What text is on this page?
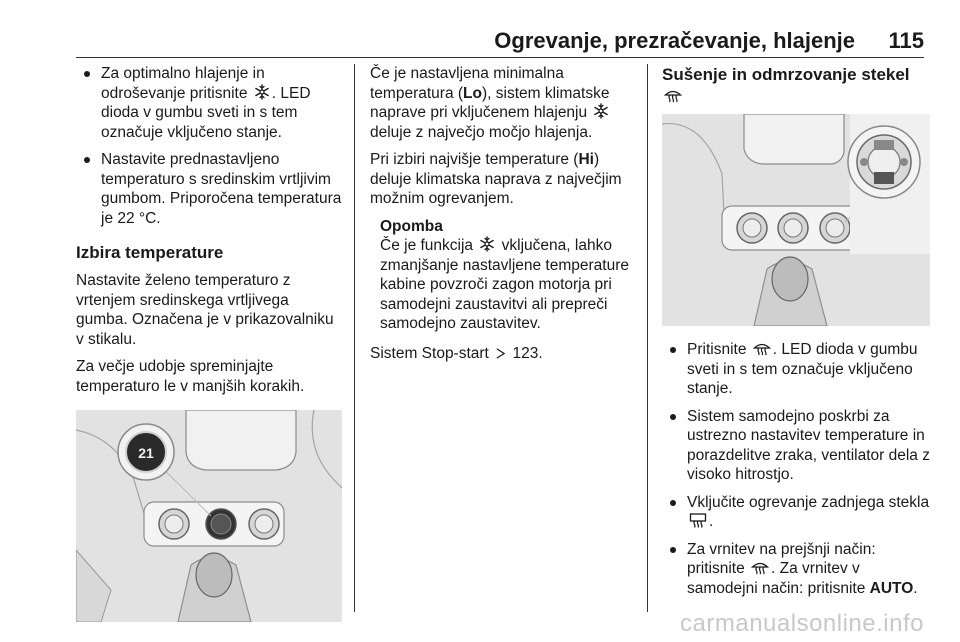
Ogrevanje, prezračevanje, hlajenje 115
Za optimalno hlajenje in odroševanje pritisnite . LED dioda v gumbu sveti in s tem označuje vključeno stanje.
Nastavite prednastavljeno temperaturo s sredinskim vrtljivim gumbom. Priporočena temperatura je 22 °C.
Izbira temperature

Nastavite želeno temperaturo z vrtenjem sredinskega vrtljivega gumba. Označena je v prikazovalniku v stikalu.

Za večje udobje spreminjajte temperaturo le v manjših korakih.

21

Če je nastavljena minimalna temperatura (Lo), sistem klimatske naprave pri vključenem hlajenju deluje z največjo močjo hlajenja.

Pri izbiri najvišje temperature (Hi) deluje klimatska naprava z največjim možnim ogrevanjem.

Opomba
Če je funkcija vključena, lahko zmanjšanje nastavljene temperature kabine povzroči zagon motorja pri samodejni zaustavitvi ali prepreči samodejno zaustavitev.

Sistem Stop-start 123.

Sušenje in odmrzovanje stekel
Pritisnite . LED dioda v gumbu sveti in s tem označuje vključeno stanje.
Sistem samodejno poskrbi za ustrezno nastavitev temperature in porazdelitve zraka, ventilator dela z visoko hitrostjo.
Vključite ogrevanje zadnjega stekla .
Za vrnitev na prejšnji način: pritisnite . Za vrnitev v samodejni način: pritisnite AUTO.
carmanualsonline.info
